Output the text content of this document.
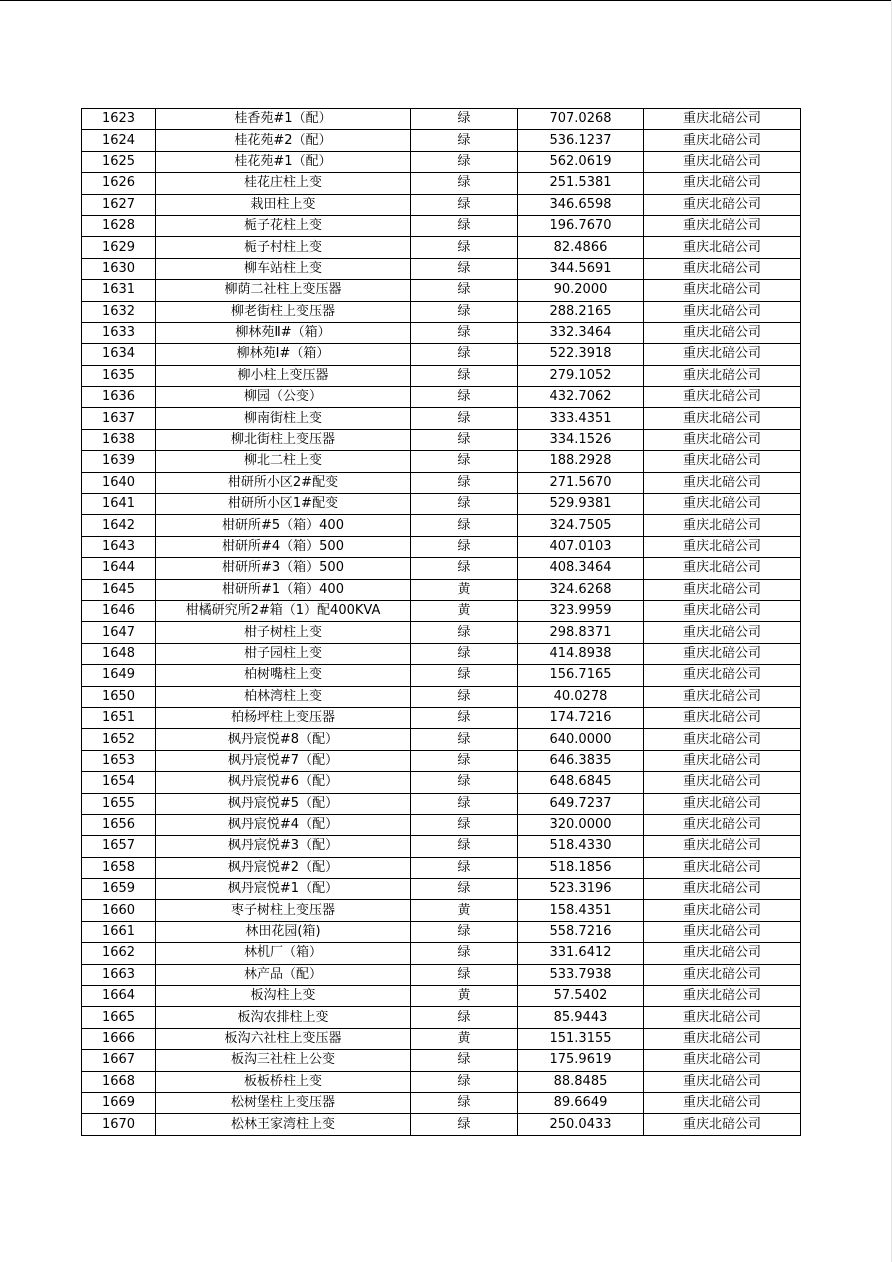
1623	桂香苑#1（配）	绿	707.0268	重庆北碚公司
1624	桂花苑#2（配）	绿	536.1237	重庆北碚公司
1625	桂花苑#1（配）	绿	562.0619	重庆北碚公司
1626	桂花庄柱上变	绿	251.5381	重庆北碚公司
1627	栽田柱上变	绿	346.6598	重庆北碚公司
1628	栀子花柱上变	绿	196.7670	重庆北碚公司
1629	栀子村柱上变	绿	82.4866	重庆北碚公司
1630	柳车站柱上变	绿	344.5691	重庆北碚公司
1631	柳荫二社柱上变压器	绿	90.2000	重庆北碚公司
1632	柳老街柱上变压器	绿	288.2165	重庆北碚公司
1633	柳林苑Ⅱ#（箱）	绿	332.3464	重庆北碚公司
1634	柳林苑Ⅰ#（箱）	绿	522.3918	重庆北碚公司
1635	柳小柱上变压器	绿	279.1052	重庆北碚公司
1636	柳园（公变）	绿	432.7062	重庆北碚公司
1637	柳南街柱上变	绿	333.4351	重庆北碚公司
1638	柳北街柱上变压器	绿	334.1526	重庆北碚公司
1639	柳北二柱上变	绿	188.2928	重庆北碚公司
1640	柑研所小区2#配变	绿	271.5670	重庆北碚公司
1641	柑研所小区1#配变	绿	529.9381	重庆北碚公司
1642	柑研所#5（箱）400	绿	324.7505	重庆北碚公司
1643	柑研所#4（箱）500	绿	407.0103	重庆北碚公司
1644	柑研所#3（箱）500	绿	408.3464	重庆北碚公司
1645	柑研所#1（箱）400	黄	324.6268	重庆北碚公司
1646	柑橘研究所2#箱（1）配400KVA	黄	323.9959	重庆北碚公司
1647	柑子树柱上变	绿	298.8371	重庆北碚公司
1648	柑子园柱上变	绿	414.8938	重庆北碚公司
1649	柏树嘴柱上变	绿	156.7165	重庆北碚公司
1650	柏林湾柱上变	绿	40.0278	重庆北碚公司
1651	柏杨坪柱上变压器	绿	174.7216	重庆北碚公司
1652	枫丹宸悦#8（配）	绿	640.0000	重庆北碚公司
1653	枫丹宸悦#7（配）	绿	646.3835	重庆北碚公司
1654	枫丹宸悦#6（配）	绿	648.6845	重庆北碚公司
1655	枫丹宸悦#5（配）	绿	649.7237	重庆北碚公司
1656	枫丹宸悦#4（配）	绿	320.0000	重庆北碚公司
1657	枫丹宸悦#3（配）	绿	518.4330	重庆北碚公司
1658	枫丹宸悦#2（配）	绿	518.1856	重庆北碚公司
1659	枫丹宸悦#1（配）	绿	523.3196	重庆北碚公司
1660	枣子树柱上变压器	黄	158.4351	重庆北碚公司
1661	林田花园(箱)	绿	558.7216	重庆北碚公司
1662	林机厂（箱）	绿	331.6412	重庆北碚公司
1663	林产品（配）	绿	533.7938	重庆北碚公司
1664	板沟柱上变	黄	57.5402	重庆北碚公司
1665	板沟农排柱上变	绿	85.9443	重庆北碚公司
1666	板沟六社柱上变压器	黄	151.3155	重庆北碚公司
1667	板沟三社柱上公变	绿	175.9619	重庆北碚公司
1668	板板桥柱上变	绿	88.8485	重庆北碚公司
1669	松树堡柱上变压器	绿	89.6649	重庆北碚公司
1670	松林王家湾柱上变	绿	250.0433	重庆北碚公司
